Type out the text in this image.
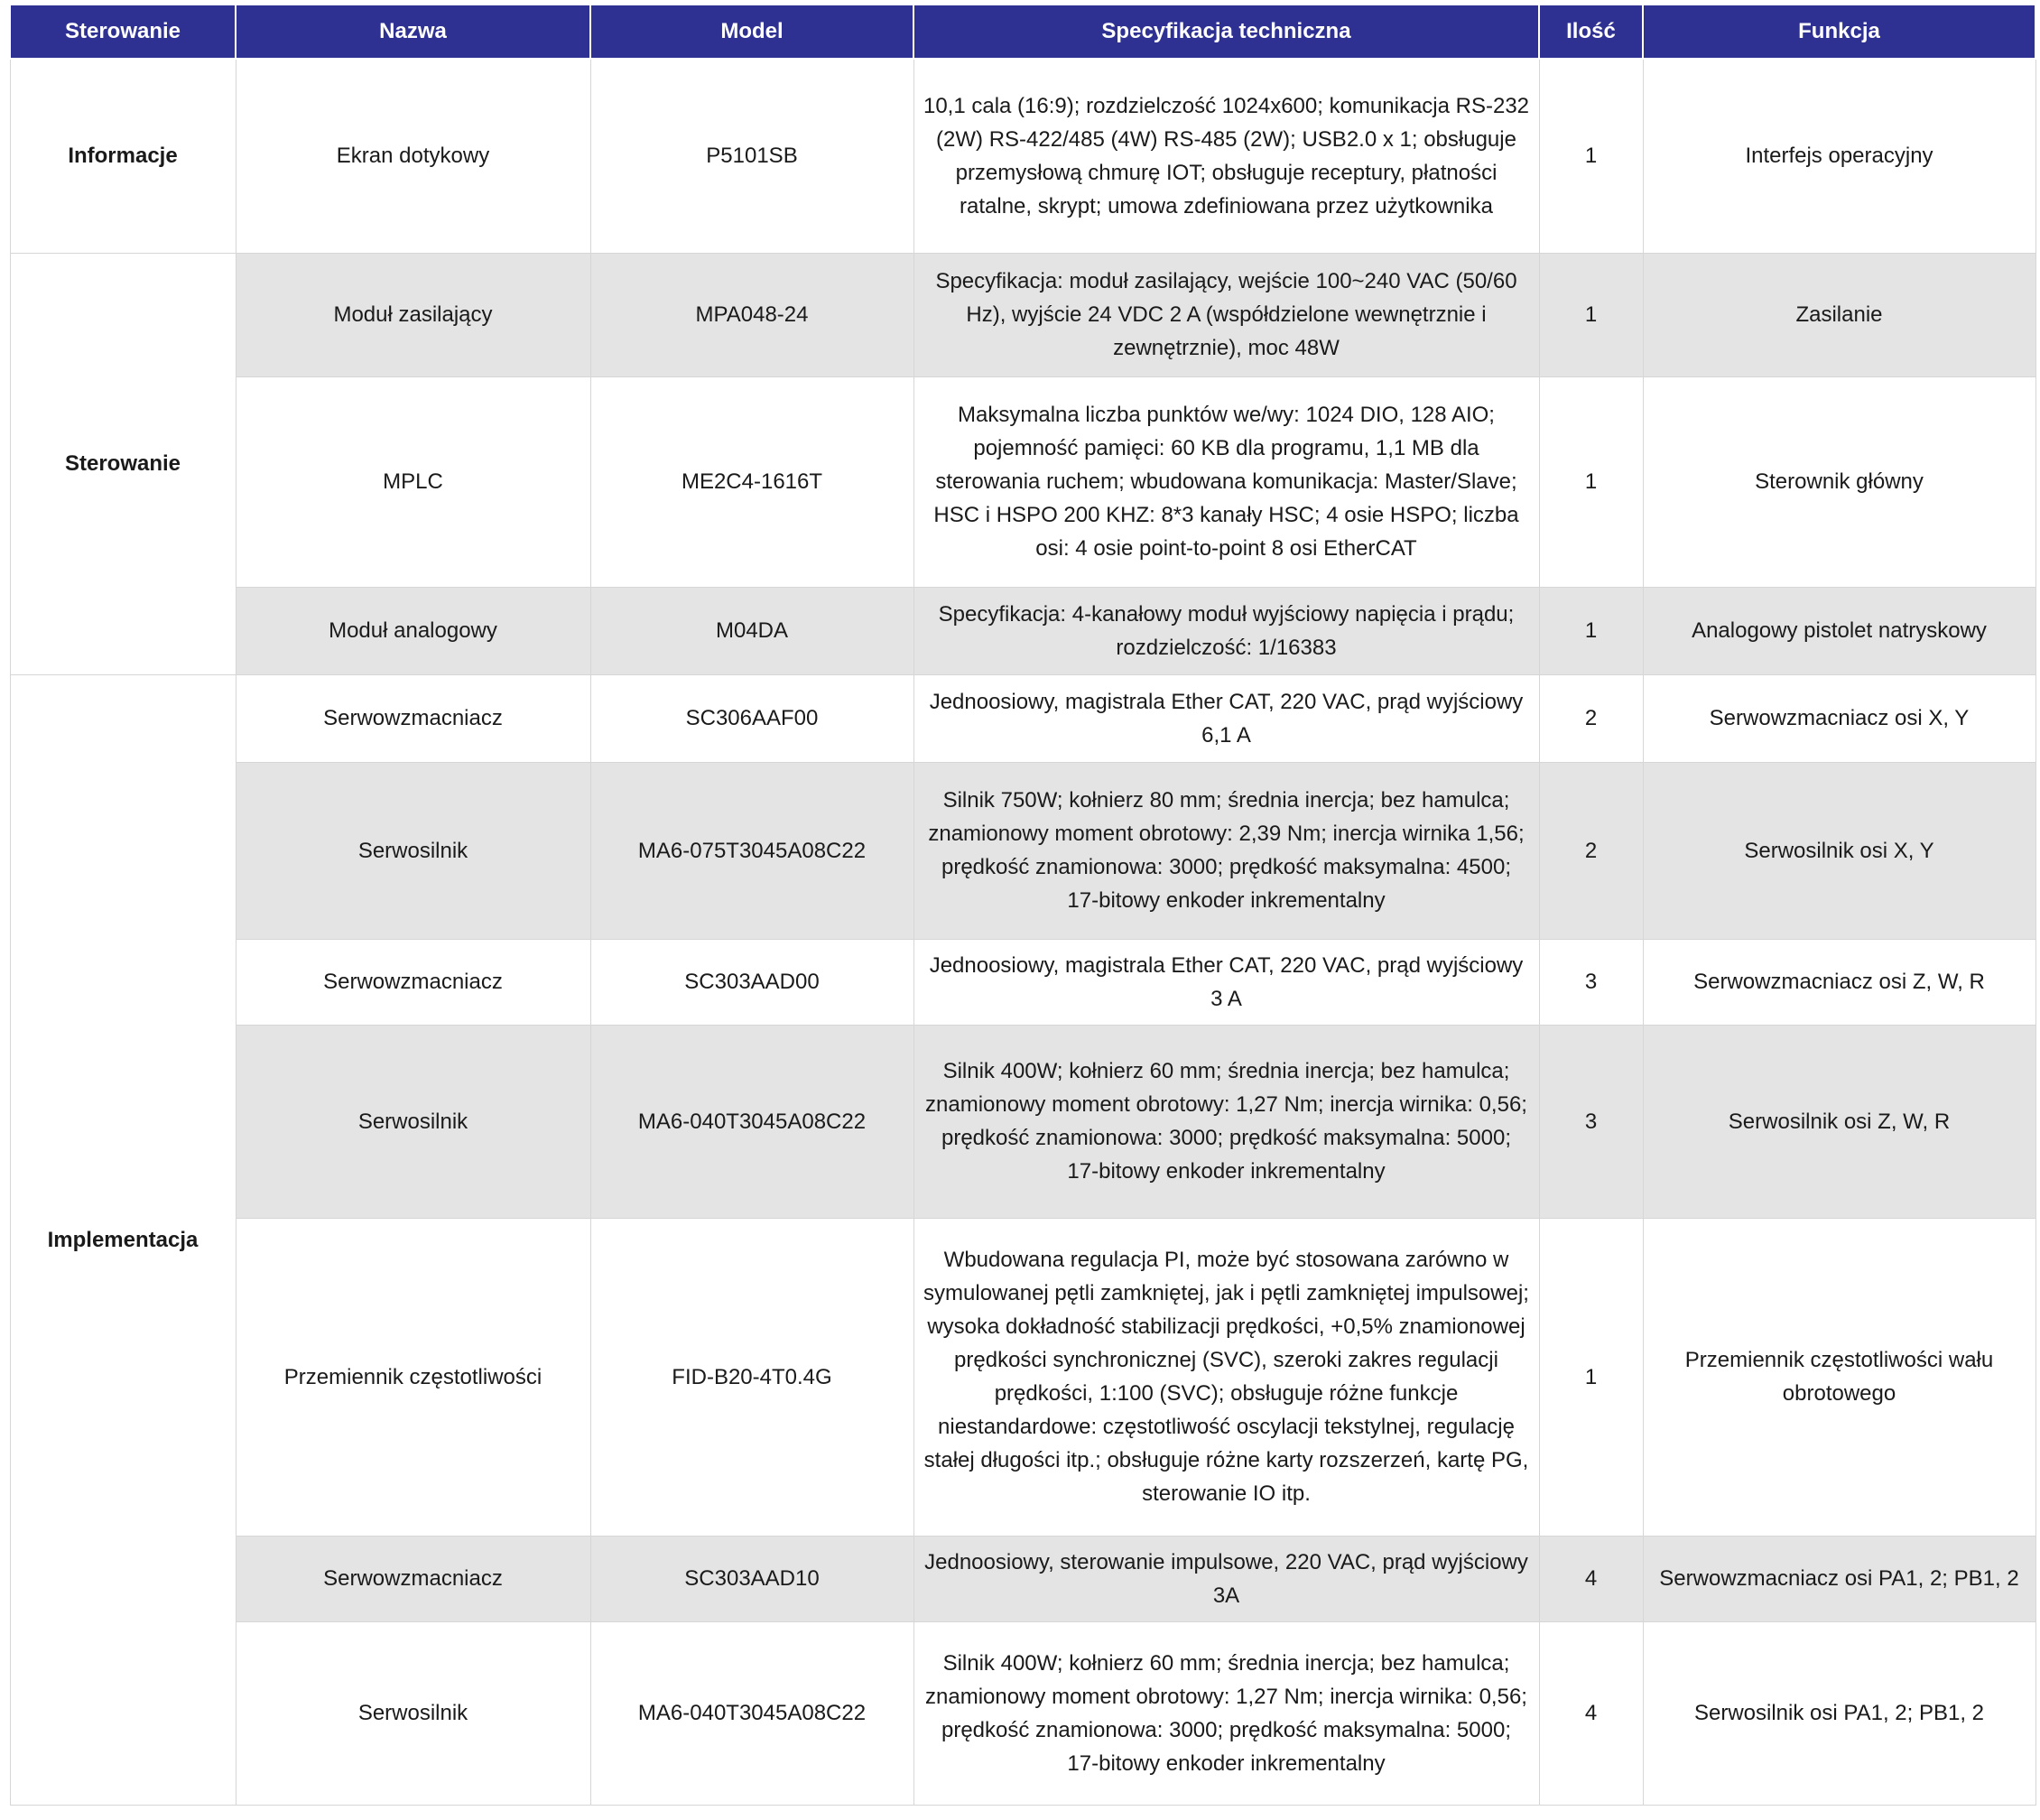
Sterowanie	Nazwa	Model	Specyfikacja techniczna	Ilość	Funkcja
Informacje	Ekran dotykowy	P5101SB	10,1 cala (16:9); rozdzielczość 1024x600; komunikacja RS-232 (2W) RS-422/485 (4W) RS-485 (2W); USB2.0 x 1; obsługuje przemysłową chmurę IOT; obsługuje receptury, płatności ratalne, skrypt; umowa zdefiniowana przez użytkownika	1	Interfejs operacyjny
Sterowanie	Moduł zasilający	MPA048-24	Specyfikacja: moduł zasilający, wejście 100~240 VAC (50/60 Hz), wyjście 24 VDC 2 A (współdzielone wewnętrznie i zewnętrznie), moc 48W	1	Zasilanie
	MPLC	ME2C4-1616T	Maksymalna liczba punktów we/wy: 1024 DIO, 128 AIO; pojemność pamięci: 60 KB dla programu, 1,1 MB dla sterowania ruchem; wbudowana komunikacja: Master/Slave; HSC i HSPO 200 KHZ: 8*3 kanały HSC; 4 osie HSPO; liczba osi: 4 osie point-to-point 8 osi EtherCAT	1	Sterownik główny
	Moduł analogowy	M04DA	Specyfikacja: 4-kanałowy moduł wyjściowy napięcia i prądu; rozdzielczość: 1/16383	1	Analogowy pistolet natryskowy
Implementacja	Serwowzmacniacz	SC306AAF00	Jednoosiowy, magistrala Ether CAT, 220 VAC, prąd wyjściowy 6,1 A	2	Serwowzmacniacz osi X, Y
	Serwosilnik	MA6-075T3045A08C22	Silnik 750W; kołnierz 80 mm; średnia inercja; bez hamulca; znamionowy moment obrotowy: 2,39 Nm; inercja wirnika 1,56; prędkość znamionowa: 3000; prędkość maksymalna: 4500; 17-bitowy enkoder inkrementalny	2	Serwosilnik osi X, Y
	Serwowzmacniacz	SC303AAD00	Jednoosiowy, magistrala Ether CAT, 220 VAC, prąd wyjściowy 3 A	3	Serwowzmacniacz osi Z, W, R
	Serwosilnik	MA6-040T3045A08C22	Silnik 400W; kołnierz 60 mm; średnia inercja; bez hamulca; znamionowy moment obrotowy: 1,27 Nm; inercja wirnika: 0,56; prędkość znamionowa: 3000; prędkość maksymalna: 5000; 17-bitowy enkoder inkrementalny	3	Serwosilnik osi Z, W, R
	Przemiennik częstotliwości	FID-B20-4T0.4G	Wbudowana regulacja PI, może być stosowana zarówno w symulowanej pętli zamkniętej, jak i pętli zamkniętej impulsowej; wysoka dokładność stabilizacji prędkości, +0,5% znamionowej prędkości synchronicznej (SVC), szeroki zakres regulacji prędkości, 1:100 (SVC); obsługuje różne funkcje niestandardowe: częstotliwość oscylacji tekstylnej, regulację stałej długości itp.; obsługuje różne karty rozszerzeń, kartę PG, sterowanie IO itp.	1	Przemiennik częstotliwości wału obrotowego
	Serwowzmacniacz	SC303AAD10	Jednoosiowy, sterowanie impulsowe, 220 VAC, prąd wyjściowy 3A	4	Serwowzmacniacz osi PA1, 2; PB1, 2
	Serwosilnik	MA6-040T3045A08C22	Silnik 400W; kołnierz 60 mm; średnia inercja; bez hamulca; znamionowy moment obrotowy: 1,27 Nm; inercja wirnika: 0,56; prędkość znamionowa: 3000; prędkość maksymalna: 5000; 17-bitowy enkoder inkrementalny	4	Serwosilnik osi PA1, 2; PB1, 2
